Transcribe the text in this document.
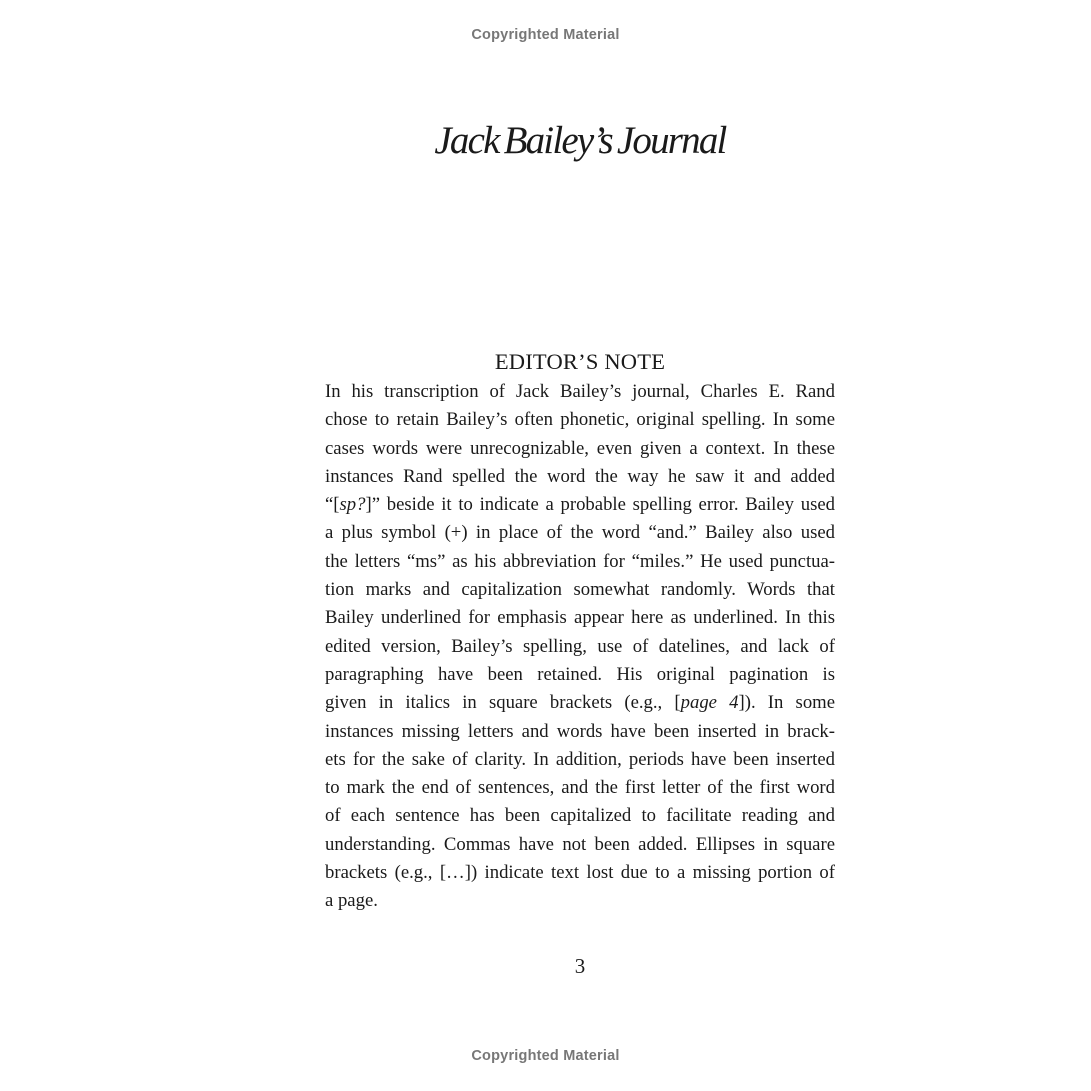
Copyrighted Material
Jack Bailey’s Journal
EDITOR’S NOTE
In his transcription of Jack Bailey’s journal, Charles E. Rand
chose to retain Bailey’s often phonetic, original spelling. In some
cases words were unrecognizable, even given a context. In these
instances Rand spelled the word the way he saw it and added
“[sp?]” beside it to indicate a probable spelling error. Bailey used
a plus symbol (+) in place of the word “and.” Bailey also used
the letters “ms” as his abbreviation for “miles.” He used punctua-
tion marks and capitalization somewhat randomly. Words that
Bailey underlined for emphasis appear here as underlined. In this
edited version, Bailey’s spelling, use of datelines, and lack of
paragraphing have been retained. His original pagination is
given in italics in square brackets (e.g., [page 4]). In some
instances missing letters and words have been inserted in brack-
ets for the sake of clarity. In addition, periods have been inserted
to mark the end of sentences, and the first letter of the first word
of each sentence has been capitalized to facilitate reading and
understanding. Commas have not been added. Ellipses in square
brackets (e.g., […]) indicate text lost due to a missing portion of
a page.
3
Copyrighted Material
